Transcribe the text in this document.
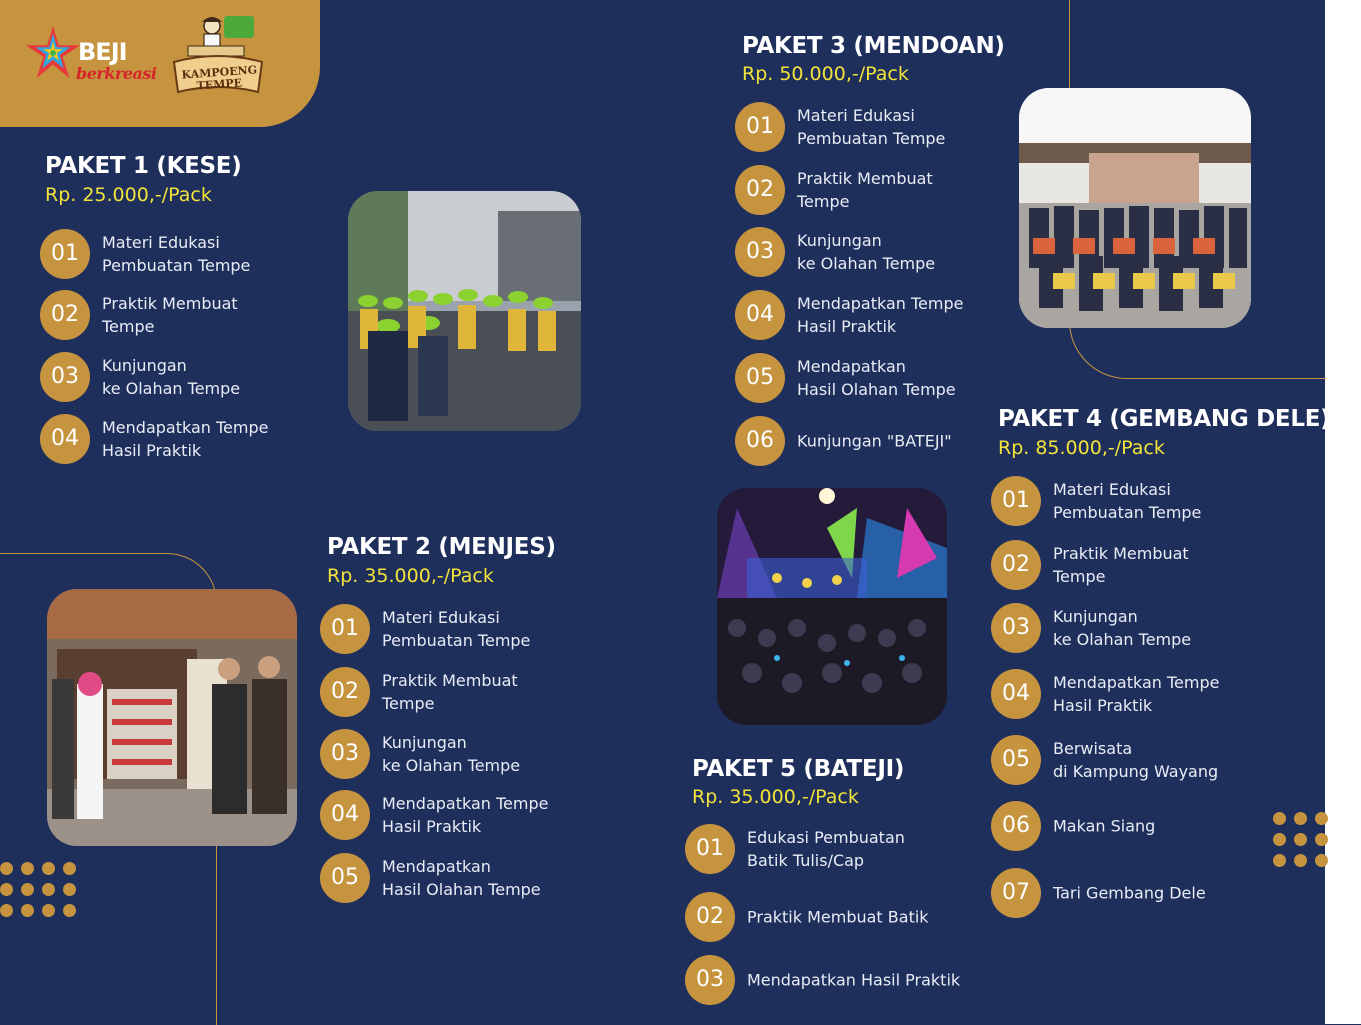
BEJI
berkreasi KAMPOENG TEMPE
PAKET 1 (KESE)
Rp. 25.000,-/Pack
01	Materi Edukasi
Pembuatan Tempe
02	Praktik Membuat
Tempe
03	Kunjungan
ke Olahan Tempe
04	Mendapatkan Tempe
Hasil Praktik
PAKET 2 (MENJES)
Rp. 35.000,-/Pack
01	Materi Edukasi
Pembuatan Tempe
02	Praktik Membuat
Tempe
03	Kunjungan
ke Olahan Tempe
04	Mendapatkan Tempe
Hasil Praktik
05	Mendapatkan
Hasil Olahan Tempe
PAKET 3 (MENDOAN)
Rp. 50.000,-/Pack
01	Materi Edukasi
Pembuatan Tempe
02	Praktik Membuat
Tempe
03	Kunjungan
ke Olahan Tempe
04	Mendapatkan Tempe
Hasil Praktik
05	Mendapatkan
Hasil Olahan Tempe
06	Kunjungan "BATEJI"
PAKET 4 (GEMBANG DELE)
Rp. 85.000,-/Pack
01	Materi Edukasi
Pembuatan Tempe
02	Praktik Membuat
Tempe
03	Kunjungan
ke Olahan Tempe
04	Mendapatkan Tempe
Hasil Praktik
05	Berwisata
di Kampung Wayang
06	Makan Siang
07	Tari Gembang Dele
PAKET 5 (BATEJI)
Rp. 35.000,-/Pack
01	Edukasi Pembuatan
Batik Tulis/Cap
02	Praktik Membuat Batik
03	Mendapatkan Hasil Praktik
